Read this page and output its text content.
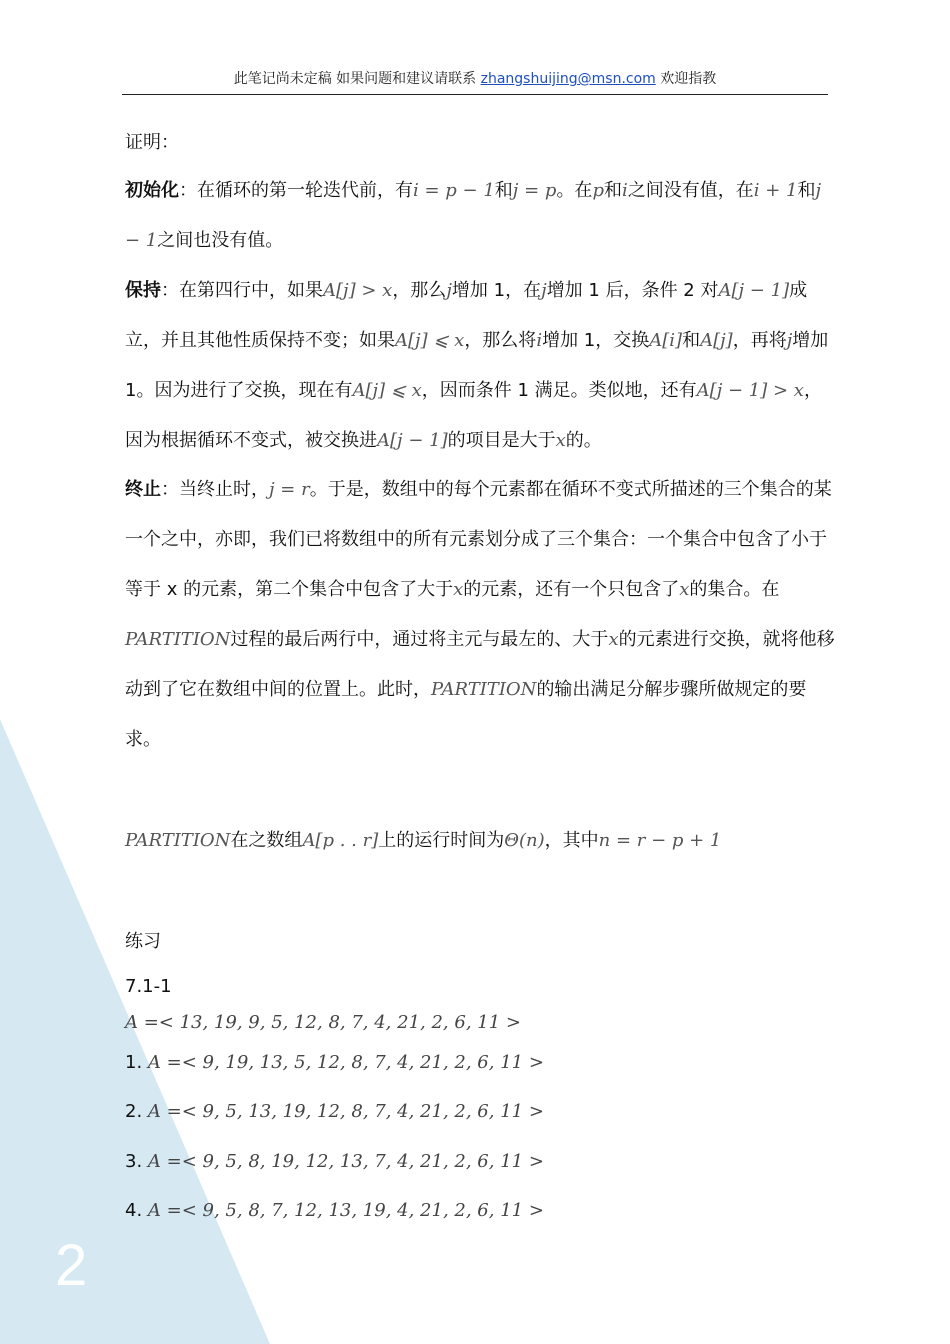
2
此笔记尚未定稿 如果问题和建议请联系 zhangshuijing@msn.com 欢迎指教
证明：
初始化：在循环的第一轮迭代前，有i = p − 1和j = p。在p和i之间没有值，在i + 1和j − 1之间也没有值。
保持：在第四行中，如果A[j] > x，那么j增加 1，在j增加 1 后，条件 2 对A[j − 1]成立，并且其他性质保持不变；如果A[j] ⩽ x，那么将i增加 1，交换A[i]和A[j]，再将j增加 1。因为进行了交换，现在有A[j] ⩽ x，因而条件 1 满足。类似地，还有A[j − 1] > x，因为根据循环不变式，被交换进A[j − 1]的项目是大于x的。
终止：当终止时，j = r。于是，数组中的每个元素都在循环不变式所描述的三个集合的某一个之中，亦即，我们已将数组中的所有元素划分成了三个集合：一个集合中包含了小于等于 x 的元素，第二个集合中包含了大于x的元素，还有一个只包含了x的集合。在PARTITION过程的最后两行中，通过将主元与最左的、大于x的元素进行交换，就将他移动到了它在数组中间的位置上。此时，PARTITION的输出满足分解步骤所做规定的要求。
PARTITION在之数组A[p . . r]上的运行时间为Θ(n)，其中n = r − p + 1
练习
7.1-1
A =< 13, 19, 9, 5, 12, 8, 7, 4, 21, 2, 6, 11 >
1. A =< 9, 19, 13, 5, 12, 8, 7, 4, 21, 2, 6, 11 >
2. A =< 9, 5, 13, 19, 12, 8, 7, 4, 21, 2, 6, 11 >
3. A =< 9, 5, 8, 19, 12, 13, 7, 4, 21, 2, 6, 11 >
4. A =< 9, 5, 8, 7, 12, 13, 19, 4, 21, 2, 6, 11 >
